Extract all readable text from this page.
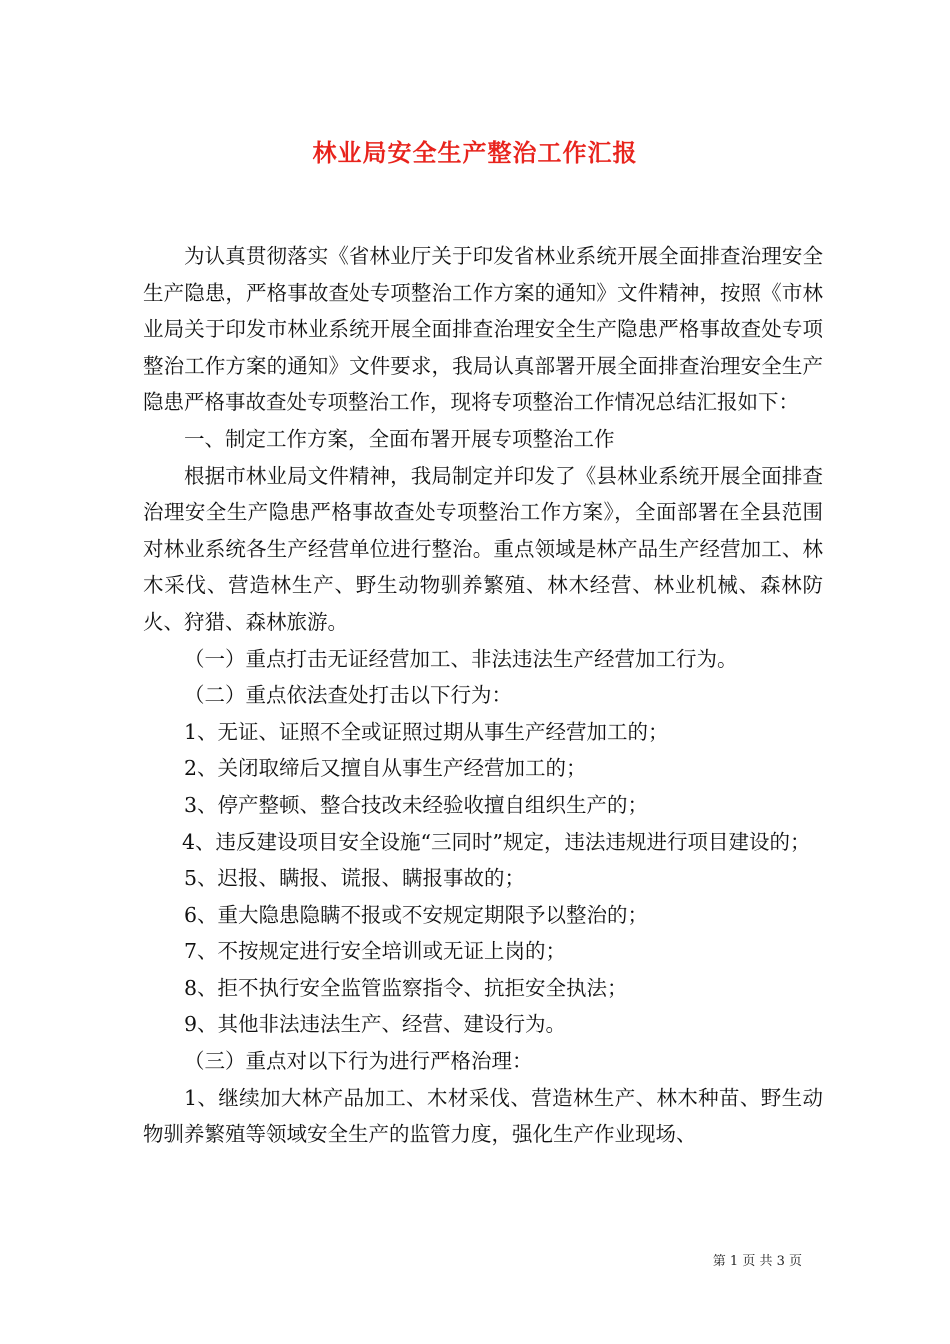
林业局安全生产整治工作汇报

为认真贯彻落实《省林业厅关于印发省林业系统开展全面排查治理安全生产隐患，严格事故查处专项整治工作方案的通知》文件精神，按照《市林业局关于印发市林业系统开展全面排查治理安全生产隐患严格事故查处专项整治工作方案的通知》文件要求，我局认真部署开展全面排查治理安全生产隐患严格事故查处专项整治工作，现将专项整治工作情况总结汇报如下：

一、制定工作方案，全面布署开展专项整治工作

根据市林业局文件精神，我局制定并印发了《县林业系统开展全面排查治理安全生产隐患严格事故查处专项整治工作方案》，全面部署在全县范围对林业系统各生产经营单位进行整治。重点领域是林产品生产经营加工、林木采伐、营造林生产、野生动物驯养繁殖、林木经营、林业机械、森林防火、狩猎、森林旅游。

（一）重点打击无证经营加工、非法违法生产经营加工行为。

（二）重点依法查处打击以下行为：

1、无证、证照不全或证照过期从事生产经营加工的；

2、关闭取缔后又擅自从事生产经营加工的；

3、停产整顿、整合技改未经验收擅自组织生产的；

4、违反建设项目安全设施“三同时”规定，违法违规进行项目建设的；

5、迟报、瞒报、谎报、瞒报事故的；

6、重大隐患隐瞒不报或不安规定期限予以整治的；

7、不按规定进行安全培训或无证上岗的；

8、拒不执行安全监管监察指令、抗拒安全执法；

9、其他非法违法生产、经营、建设行为。

（三）重点对以下行为进行严格治理：

1、继续加大林产品加工、木材采伐、营造林生产、林木种苗、野生动物驯养繁殖等领域安全生产的监管力度，强化生产作业现场、

第 1 页 共 3 页
